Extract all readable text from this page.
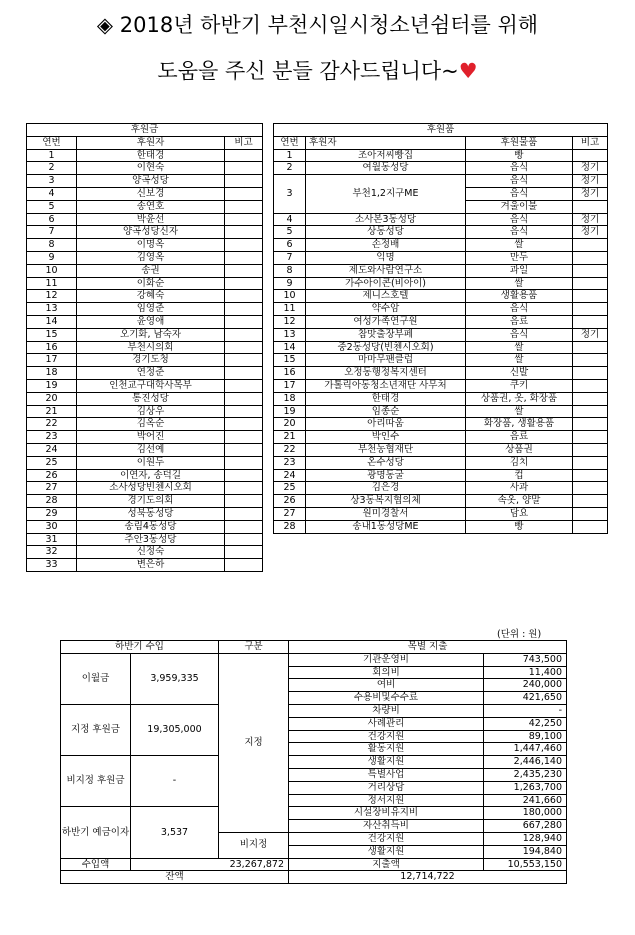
◈ 2018년 하반기 부천시일시청소년쉼터를 위해
도움을 주신 분들 감사드립니다~♥
후원금		
연번	후원자	비고
1	한태경	
2	이현숙	
3	양곡성당	
4	신보경	
5	송연호	
6	박윤선	
7	양곡성당신자	
8	이명옥	
9	김영옥	
10	송권	
11	이화순	
12	강혜숙	
13	임영준	
14	윤영애	
15	오기화, 남숙자	
16	부천시의회	
17	경기도청	
18	연정준	
19	인천교구대학사목부	
20	통진성당	
21	김상우	
22	김옥순	
23	박어진	
24	김선예	
25	이원두	
26	이연자, 송덕길	
27	소사성당빈첸시오회	
28	경기도의회	
29	성북동성당	
30	송림4동성당	
31	주안3동성당	
32	신정숙	
33	변은하	
후원품			
연번	후원자	후원물품	비고
1	조아저씨빵집	빵	
2	여월동성당	음식	정기
3	부천1,2지구ME	음식	정기
		음식	정기
		겨울이불	
4	소사본3동성당	음식	정기
5	상동성당	음식	정기
6	손정배	쌀	
7	익명	만두	
8	제도와사람연구소	과일	
9	가수아이콘(비아이)	쌀	
10	제니스호텔	생활용품	
11	약수암	음식	
12	여성가족연구원	음료	
13	참맛출장부페	음식	정기
14	중2동성당(빈첸시오회)	쌀	
15	마마무팬클럽	쌀	
16	오정동행정복지센터	신발	
17	가톨릭아동청소년재단 사무처	쿠키	
18	한태경	상품권, 옷, 화장품	
19	임종순	쌀	
20	아리따움	화장품, 생활용품	
21	박인수	음료	
22	부천농협재단	상품권	
23	온수성당	김치	
24	광명동굴	컵	
25	김은경	사과	
26	상3동복지협의체	속옷, 양말	
27	원미경찰서	담요	
28	송내1동성당ME	빵	
(단위 : 원)
하반기 수입		구분	목별 지출	
이월금	3,959,335	지정	기관운영비	743,500
			회의비	11,400
			여비	240,000
			수용비및수수료	421,650
지정 후원금	19,305,000		차량비	-
			사례관리	42,250
			건강지원	89,100
			활동지원	1,447,460
비지정 후원금	-		생활지원	2,446,140
			특별사업	2,435,230
			거리상담	1,263,700
			정서지원	241,660
하반기 예금이자	3,537		시설장비유지비	180,000
			자산취득비	667,280
		비지정	건강지원	128,940
			생활지원	194,840
수입액	23,267,872		지출액	10,553,150
잔액			12,714,722	
